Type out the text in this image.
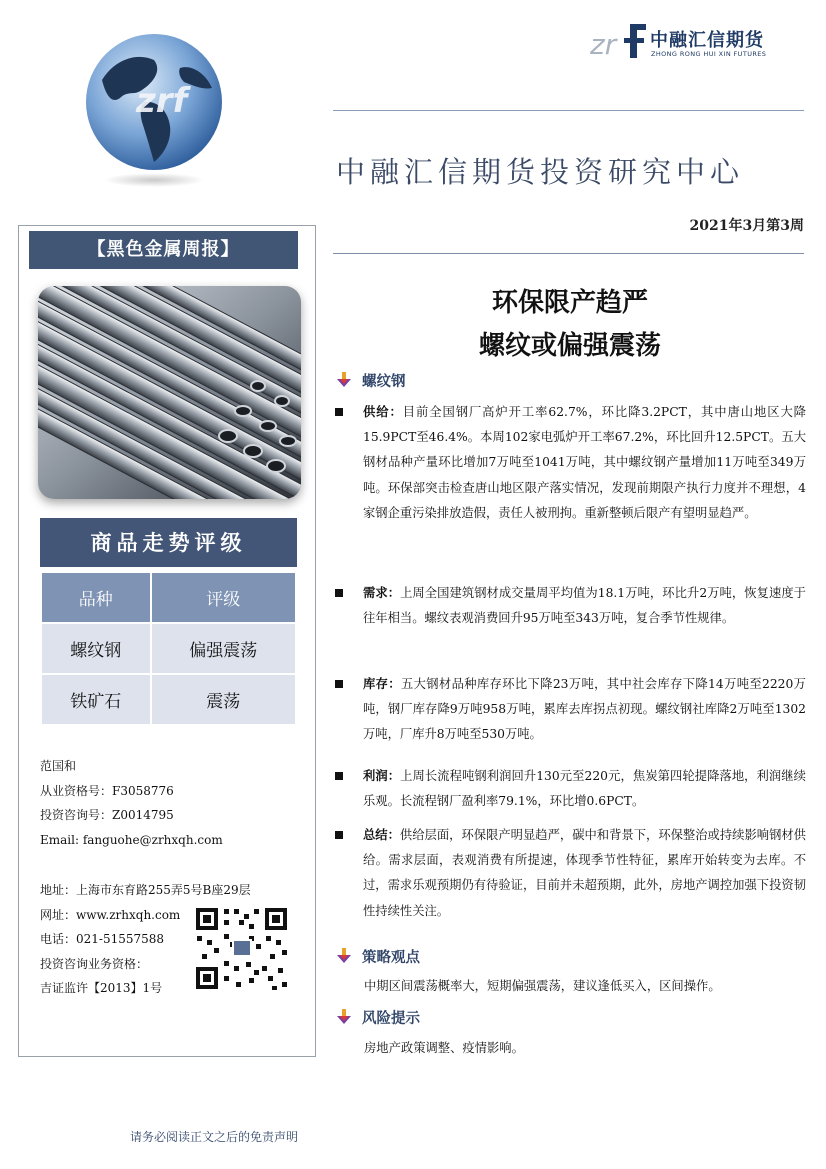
zrf
zr 中融汇信期货
ZHONG RONG HUI XIN FUTURES
中融汇信期货投资研究中心
2021年3月第3周
【黑色金属周报】
商品走势评级
品种	评级
螺纹钢	偏强震荡
铁矿石	震荡
范国和
从业资格号：F3058776
投资咨询号：Z0014795
Email: fanguohe@zrhxqh.com
地址：上海市东育路255弄5号B座29层
网址：www.zrhxqh.com
电话：021-51557588
投资咨询业务资格：
吉证监许【2013】1号
环保限产趋严
螺纹或偏强震荡
螺纹钢
供给：目前全国钢厂高炉开工率62.7%，环比降3.2PCT，其中唐山地区大降15.9PCT至46.4%。本周102家电弧炉开工率67.2%，环比回升12.5PCT。五大钢材品种产量环比增加7万吨至1041万吨，其中螺纹钢产量增加11万吨至349万吨。环保部突击检查唐山地区限产落实情况，发现前期限产执行力度并不理想，4家钢企重污染排放造假，责任人被刑拘。重新整顿后限产有望明显趋严。
需求：上周全国建筑钢材成交量周平均值为18.1万吨，环比升2万吨，恢复速度于往年相当。螺纹表观消费回升95万吨至343万吨，复合季节性规律。
库存：五大钢材品种库存环比下降23万吨，其中社会库存下降14万吨至2220万吨，钢厂库存降9万吨958万吨，累库去库拐点初现。螺纹钢社库降2万吨至1302万吨，厂库升8万吨至530万吨。
利润：上周长流程吨钢利润回升130元至220元，焦炭第四轮提降落地，利润继续乐观。长流程钢厂盈利率79.1%，环比增0.6PCT。
总结：供给层面，环保限产明显趋严，碳中和背景下，环保整治或持续影响钢材供给。需求层面，表观消费有所提速，体现季节性特征，累库开始转变为去库。不过，需求乐观预期仍有待验证，目前并未超预期，此外，房地产调控加强下投资韧性持续性关注。
策略观点
中期区间震荡概率大，短期偏强震荡，建议逢低买入，区间操作。
风险提示
房地产政策调整、疫情影响。
请务必阅读正文之后的免责声明
